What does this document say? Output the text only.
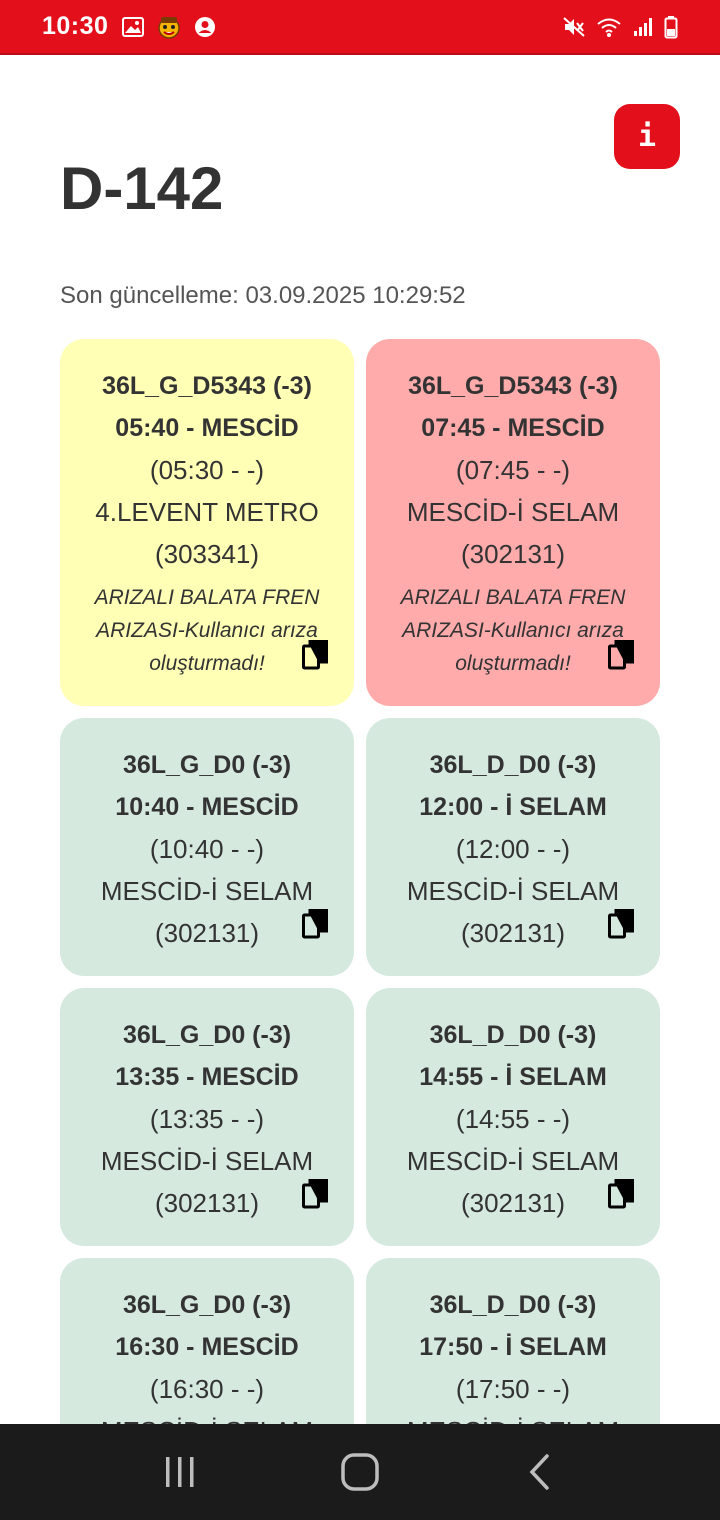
10:30
i
D-142
Son güncelleme: 03.09.2025 10:29:52
36L_G_D5343 (-3)
05:40 - MESCİD
(05:30 - -)
4.LEVENT METRO
(303341)
ARIZALI BALATA FREN ARIZASI-Kullanıcı arıza oluşturmadı!
36L_G_D5343 (-3)
07:45 - MESCİD
(07:45 - -)
MESCİD-İ SELAM
(302131)
ARIZALI BALATA FREN ARIZASI-Kullanıcı arıza oluşturmadı!
36L_G_D0 (-3)
10:40 - MESCİD
(10:40 - -)
MESCİD-İ SELAM
(302131)
36L_D_D0 (-3)
12:00 - İ SELAM
(12:00 - -)
MESCİD-İ SELAM
(302131)
36L_G_D0 (-3)
13:35 - MESCİD
(13:35 - -)
MESCİD-İ SELAM
(302131)
36L_D_D0 (-3)
14:55 - İ SELAM
(14:55 - -)
MESCİD-İ SELAM
(302131)
36L_G_D0 (-3)
16:30 - MESCİD
(16:30 - -)
36L_D_D0 (-3)
17:50 - İ SELAM
(17:50 - -)
